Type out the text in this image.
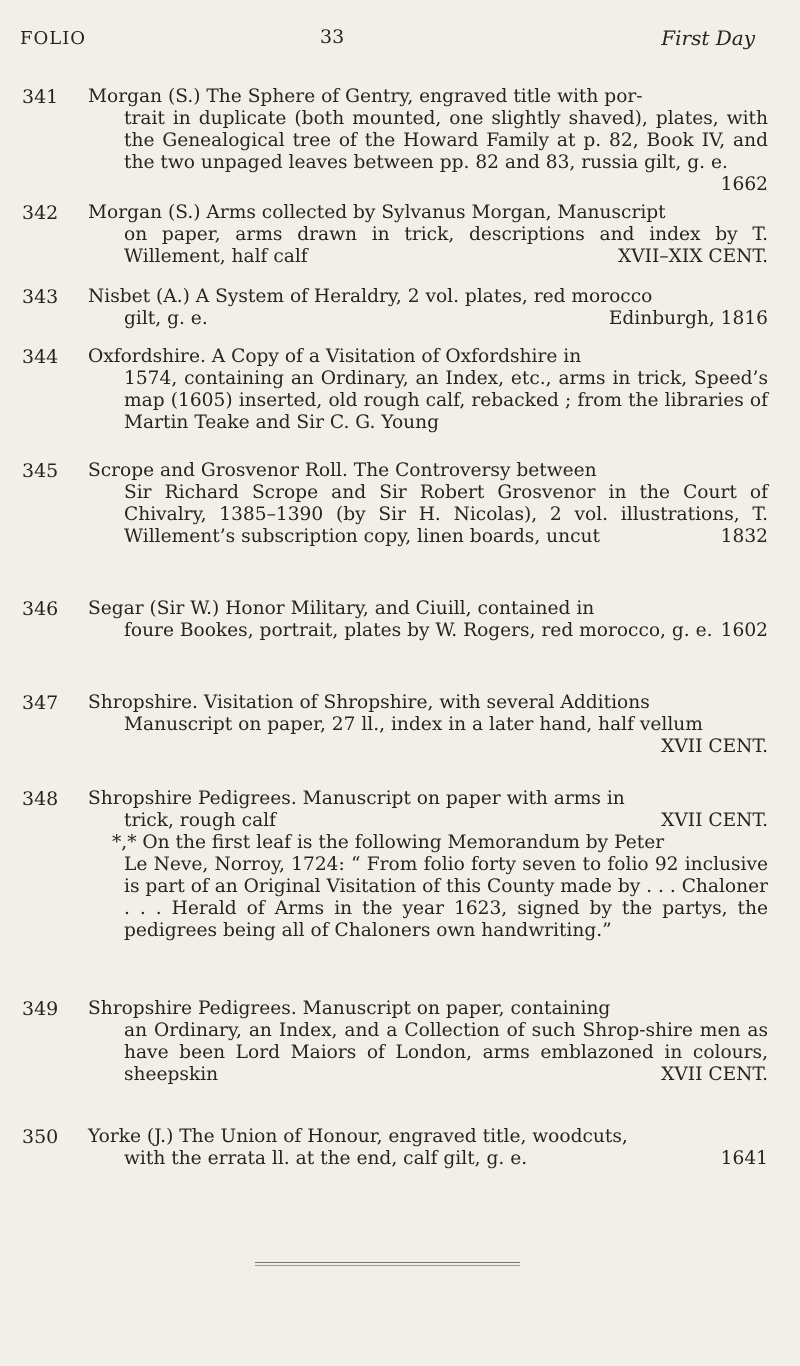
FOLIO	33	First Day
341 Morgan (S.) The Sphere of Gentry, engraved title with por-
trait in duplicate (both mounted, one slightly shaved), plates, with the Genealogical tree of the Howard Family at p. 82, Book IV, and the two unpaged leaves between pp. 82 and 83, russia gilt, g. e.
1662
342 Morgan (S.) Arms collected by Sylvanus Morgan, Manuscript
on paper, arms drawn in trick, descriptions and index by T. Willement, half calf	XVII–XIX CENT.
343 Nisbet (A.) A System of Heraldry, 2 vol. plates, red morocco
gilt, g. e.	Edinburgh, 1816
344 Oxfordshire. A Copy of a Visitation of Oxfordshire in
1574, containing an Ordinary, an Index, etc., arms in trick, Speed’s map (1605) inserted, old rough calf, rebacked ; from the libraries of Martin Teake and Sir C. G. Young
345 Scrope and Grosvenor Roll. The Controversy between
Sir Richard Scrope and Sir Robert Grosvenor in the Court of Chivalry, 1385–1390 (by Sir H. Nicolas), 2 vol. illustrations, T. Willement’s subscription copy, linen boards, uncut	1832
346 Segar (Sir W.) Honor Military, and Ciuill, contained in
foure Bookes, portrait, plates by W. Rogers, red morocco, g. e. 1602
347 Shropshire. Visitation of Shropshire, with several Additions
Manuscript on paper, 27 ll., index in a later hand, half vellum
XVII CENT.
348 Shropshire Pedigrees. Manuscript on paper with arms in
trick, rough calf	XVII CENT.
*,* On the first leaf is the following Memorandum by Peter
Le Neve, Norroy, 1724: “ From folio forty seven to folio 92 inclusive is part of an Original Visitation of this County made by . . . Chaloner . . . Herald of Arms in the year 1623, signed by the partys, the pedigrees being all of Chaloners own handwriting.”
349 Shropshire Pedigrees. Manuscript on paper, containing
an Ordinary, an Index, and a Collection of such Shrop-shire men as have been Lord Maiors of London, arms emblazoned in colours, sheepskin	XVII CENT.
350 Yorke (J.) The Union of Honour, engraved title, woodcuts,
with the errata ll. at the end, calf gilt, g. e.	1641
